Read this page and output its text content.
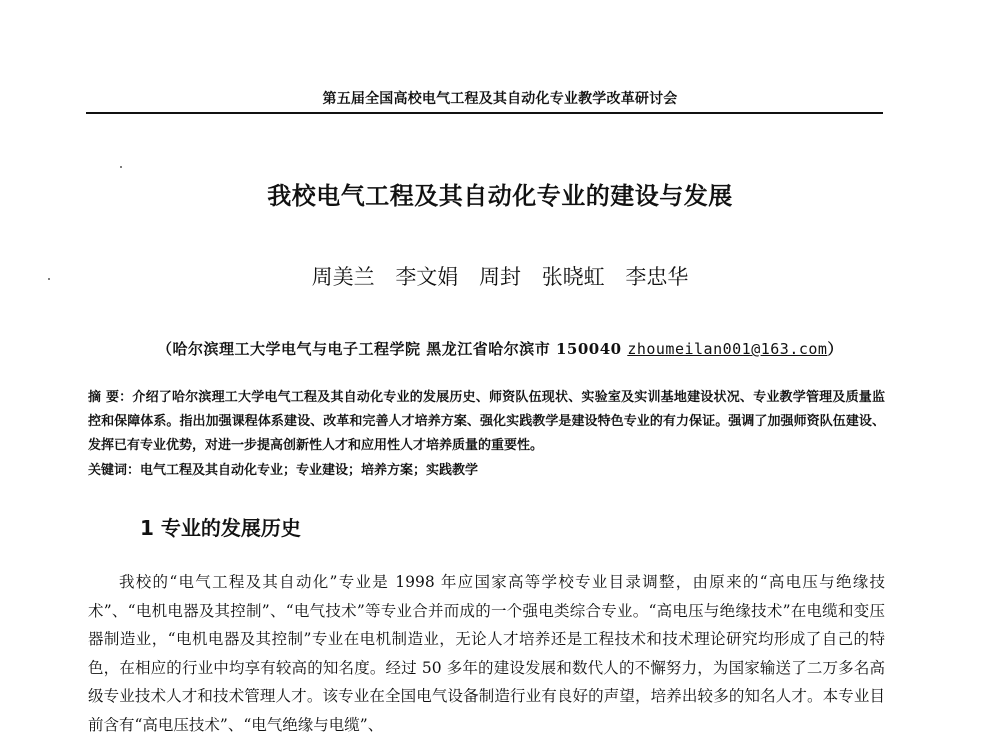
第五届全国高校电气工程及其自动化专业教学改革研讨会
我校电气工程及其自动化专业的建设与发展
周美兰 李文娟 周封 张晓虹 李忠华
（哈尔滨理工大学电气与电子工程学院 黑龙江省哈尔滨市 150040 zhoumeilan001@163.com）

摘 要：介绍了哈尔滨理工大学电气工程及其自动化专业的发展历史、师资队伍现状、实验室及实训基地建设状况、专业教学管理及质量监控和保障体系。指出加强课程体系建设、改革和完善人才培养方案、强化实践教学是建设特色专业的有力保证。强调了加强师资队伍建设、发挥已有专业优势，对进一步提高创新性人才和应用性人才培养质量的重要性。

关键词：电气工程及其自动化专业；专业建设；培养方案；实践教学

1 专业的发展历史

我校的“电气工程及其自动化”专业是 1998 年应国家高等学校专业目录调整，由原来的“高电压与绝缘技术”、“电机电器及其控制”、“电气技术”等专业合并而成的一个强电类综合专业。“高电压与绝缘技术”在电缆和变压器制造业，“电机电器及其控制”专业在电机制造业，无论人才培养还是工程技术和技术理论研究均形成了自己的特色，在相应的行业中均享有较高的知名度。经过 50 多年的建设发展和数代人的不懈努力，为国家输送了二万多名高级专业技术人才和技术管理人才。该专业在全国电气设备制造行业有良好的声望，培养出较多的知名人才。本专业目前含有“高电压技术”、“电气绝缘与电缆”、
